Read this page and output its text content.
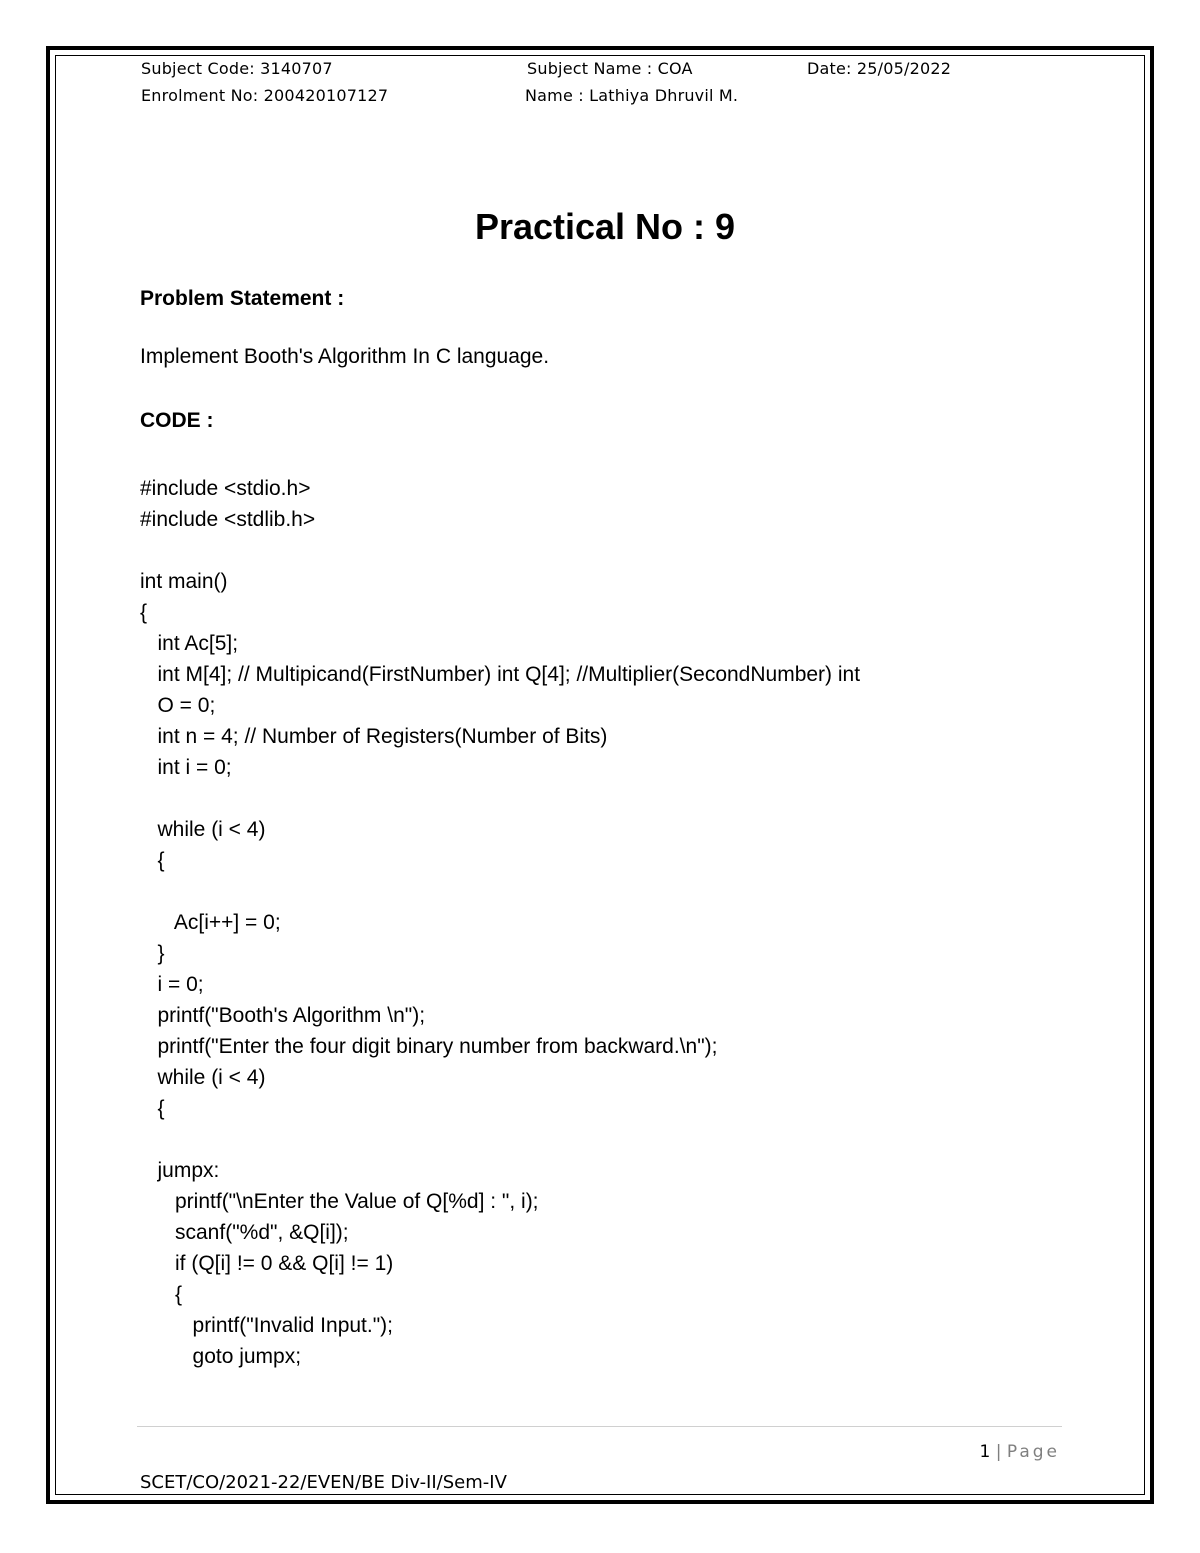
Subject Code: 3140707	Subject Name : COA	Date: 25/05/2022
Enrolment No: 200420107127	Name : Lathiya Dhruvil M.
Practical No : 9
Problem Statement :
Implement Booth's Algorithm In C language.
CODE :
#include <stdio.h>
#include <stdlib.h>
int main()
{
int Ac[5];
int M[4]; // Multipicand(FirstNumber) int Q[4]; //Multiplier(SecondNumber) int
O = 0;
int n = 4; // Number of Registers(Number of Bits)
int i = 0;
while (i < 4)
{
Ac[i++] = 0;
}
i = 0;
printf("Booth's Algorithm \n");
printf("Enter the four digit binary number from backward.\n");
while (i < 4)
{
jumpx:
printf("\nEnter the Value of Q[%d] : ", i);
scanf("%d", &Q[i]);
if (Q[i] != 0 && Q[i] != 1)
{
printf("Invalid Input.");
goto jumpx;
1 | Page
SCET/CO/2021-22/EVEN/BE Div-II/Sem-IV
